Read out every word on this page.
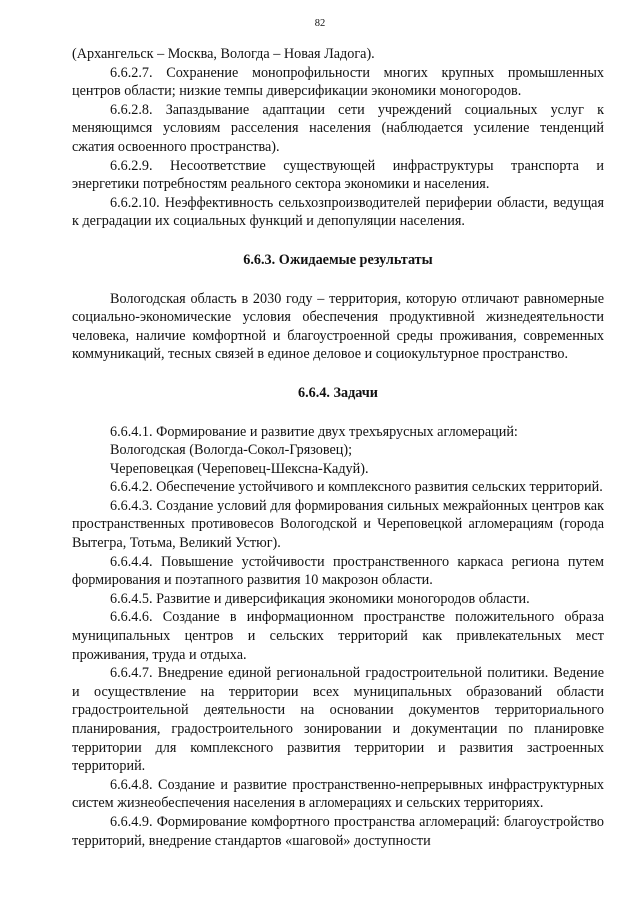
82

(Архангельск – Москва, Вологда – Новая Ладога).

6.6.2.7. Сохранение монопрофильности многих крупных промышленных центров области; низкие темпы диверсификации экономики моногородов.

6.6.2.8. Запаздывание адаптации сети учреждений социальных услуг к меняющимся условиям расселения населения (наблюдается усиление тенденций сжатия освоенного пространства).

6.6.2.9. Несоответствие существующей инфраструктуры транспорта и энергетики потребностям реального сектора экономики и населения.

6.6.2.10. Неэффективность сельхозпроизводителей периферии области, ведущая к деградации их социальных функций и депопуляции населения.

6.6.3. Ожидаемые результаты

Вологодская область в 2030 году – территория, которую отличают равномерные социально-экономические условия обеспечения продуктивной жизнедеятельности человека, наличие комфортной и благоустроенной среды проживания, современных коммуникаций, тесных связей в единое деловое и социокультурное пространство.

6.6.4. Задачи

6.6.4.1. Формирование и развитие двух трехъярусных агломераций:

Вологодская (Вологда-Сокол-Грязовец);

Череповецкая (Череповец-Шексна-Кадуй).

6.6.4.2. Обеспечение устойчивого и комплексного развития сельских территорий.

6.6.4.3. Создание условий для формирования сильных межрайонных центров как пространственных противовесов Вологодской и Череповецкой агломерациям (города Вытегра, Тотьма, Великий Устюг).

6.6.4.4. Повышение устойчивости пространственного каркаса региона путем формирования и поэтапного развития 10 макрозон области.

6.6.4.5. Развитие и диверсификация экономики моногородов области.

6.6.4.6. Создание в информационном пространстве положительного образа муниципальных центров и сельских территорий как привлекательных мест проживания, труда и отдыха.

6.6.4.7. Внедрение единой региональной градостроительной политики. Ведение и осуществление на территории всех муниципальных образований области градостроительной деятельности на основании документов территориального планирования, градостроительного зонировании и документации по планировке территории для комплексного развития территории и развития застроенных территорий.

6.6.4.8. Создание и развитие пространственно-непрерывных инфраструктурных систем жизнеобеспечения населения в агломерациях и сельских территориях.

6.6.4.9. Формирование комфортного пространства агломераций: благоустройство территорий, внедрение стандартов «шаговой» доступности
